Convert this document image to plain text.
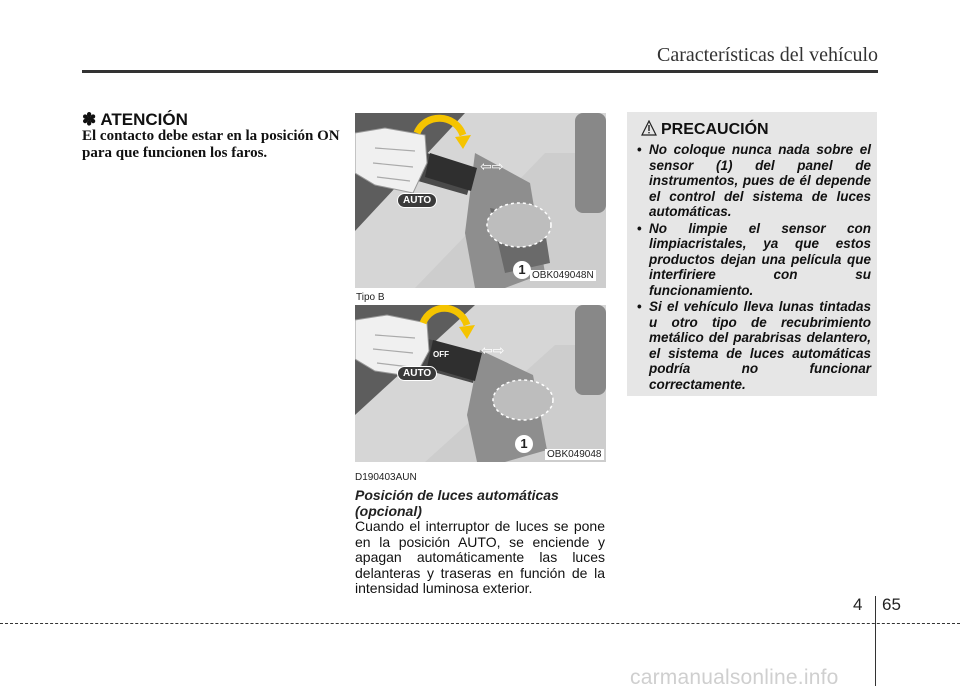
Características del vehículo
✽ ATENCIÓN
El contacto debe estar en la posición ON para que funcionen los faros.
⇦⇨
AUTO
1 OBK049048N
Tipo B
⇦⇨
OFF
AUTO
1
OBK049048
D190403AUN
Posición de luces automáticas (opcional)
Cuando el interruptor de luces se pone en la posición AUTO, se enciende y apagan automáticamente las luces delanteras y traseras en función de la intensidad luminosa exterior.
PRECAUCIÓN
• No coloque nunca nada sobre el sensor (1) del panel de instrumentos, pues de él depende el control del sistema de luces automáticas.
• No limpie el sensor con limpiacristales, ya que estos productos dejan una película que interfiriere con su funcionamiento.
• Si el vehículo lleva lunas tintadas u otro tipo de recubrimiento metálico del parabrisas delantero, el sistema de luces automáticas podría no funcionar correctamente.
4 65
carmanualsonline.info
